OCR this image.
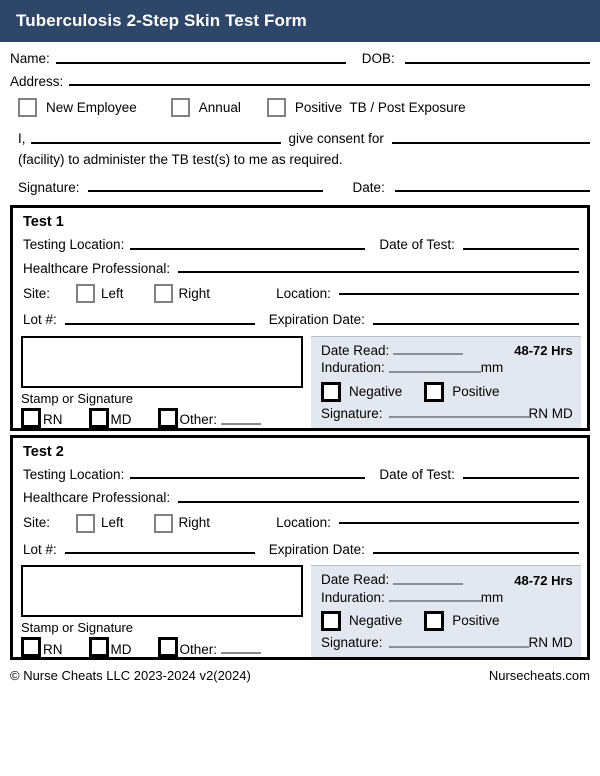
Tuberculosis 2-Step Skin Test Form
Name:	DOB:
Address:
New Employee	Annual	Positive  TB / Post Exposure
I,	give consent for

(facility) to administer the TB test(s) to me as required.

Signature:	Date:
Test 1
Testing Location:	Date of Test:
Healthcare Professional:
Site:	Left	Right	Location:
Lot #:	Expiration Date:
Stamp or Signature
RN	MD	Other:
Date Read:	48-72 Hrs
Induration:	mm
Negative	Positive
Signature:	RN MD
Test 2
Testing Location:	Date of Test:
Healthcare Professional:
Site:	Left	Right	Location:
Lot #:	Expiration Date:
Stamp or Signature
RN	MD	Other:
Date Read:	48-72 Hrs
Induration:	mm
Negative	Positive
Signature:	RN MD
© Nurse Cheats LLC 2023-2024 v2(2024)	Nursecheats.com
